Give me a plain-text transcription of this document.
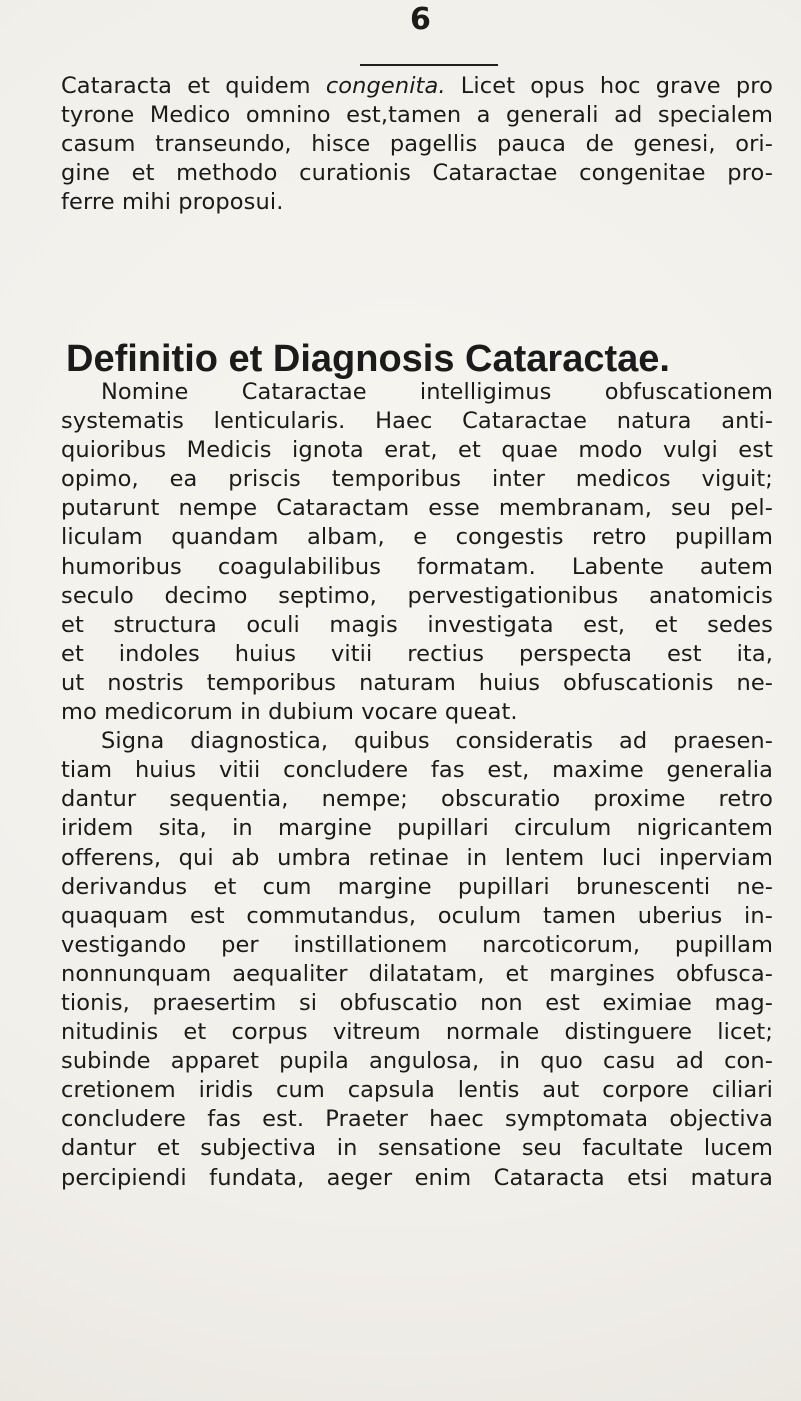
6
Cataracta et quidem congenita. Licet opus hoc grave pro
tyrone Medico omnino est,tamen a generali ad specialem
casum transeundo, hisce pagellis pauca de genesi, ori-
gine et methodo curationis Cataractae congenitae pro-
ferre mihi proposui.
Definitio et Diagnosis Cataractae.
Nomine Cataractae intelligimus obfuscationem
systematis lenticularis. Haec Cataractae natura anti-
quioribus Medicis ignota erat, et quae modo vulgi est
opimo, ea priscis temporibus inter medicos viguit;
putarunt nempe Cataractam esse membranam, seu pel-
liculam quandam albam, e congestis retro pupillam
humoribus coagulabilibus formatam. Labente autem
seculo decimo septimo, pervestigationibus anatomicis
et structura oculi magis investigata est, et sedes
et indoles huius vitii rectius perspecta est ita,
ut nostris temporibus naturam huius obfuscationis ne-
mo medicorum in dubium vocare queat.
Signa diagnostica, quibus consideratis ad praesen-
tiam huius vitii concludere fas est, maxime generalia
dantur sequentia, nempe; obscuratio proxime retro
iridem sita, in margine pupillari circulum nigricantem
offerens, qui ab umbra retinae in lentem luci inperviam
derivandus et cum margine pupillari brunescenti ne-
quaquam est commutandus, oculum tamen uberius in-
vestigando per instillationem narcoticorum, pupillam
nonnunquam aequaliter dilatatam, et margines obfusca-
tionis, praesertim si obfuscatio non est eximiae mag-
nitudinis et corpus vitreum normale distinguere licet;
subinde apparet pupila angulosa, in quo casu ad con-
cretionem iridis cum capsula lentis aut corpore ciliari
concludere fas est. Praeter haec symptomata objectiva
dantur et subjectiva in sensatione seu facultate lucem
percipiendi fundata, aeger enim Cataracta etsi matura
